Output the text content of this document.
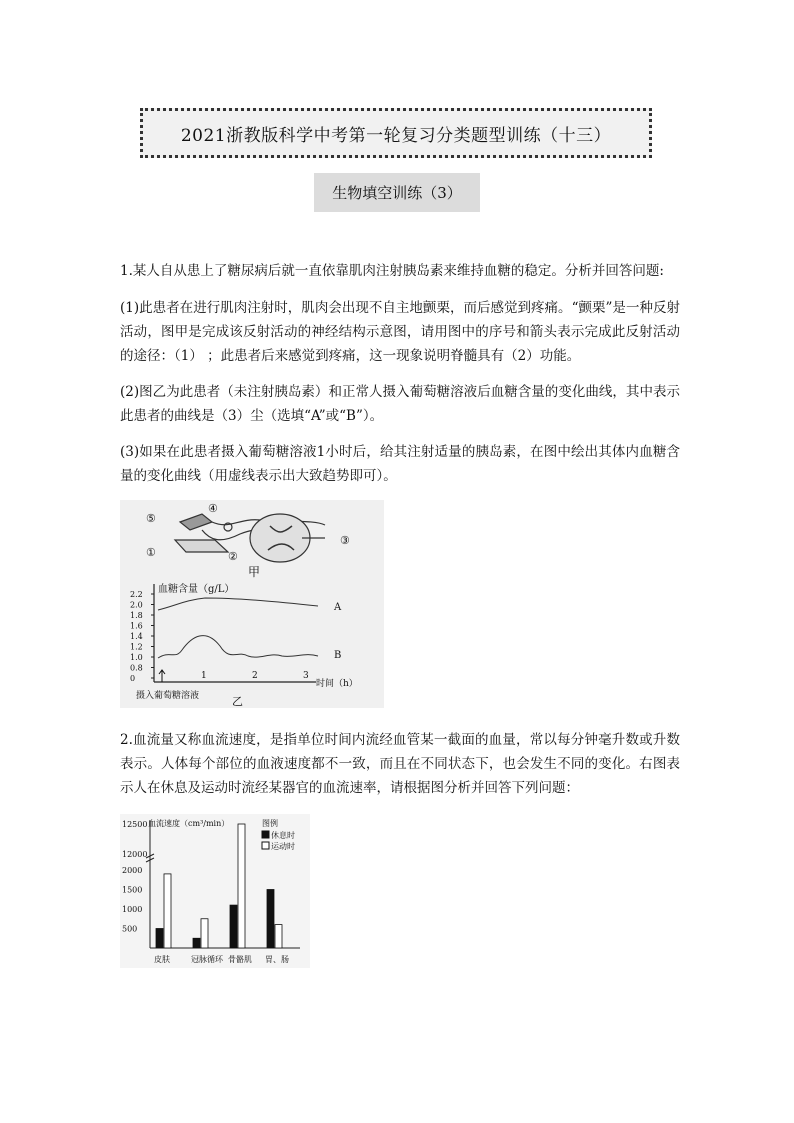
2021浙教版科学中考第一轮复习分类题型训练（十三）
生物填空训练（3）

1.某人自从患上了糖尿病后就一直依靠肌肉注射胰岛素来维持血糖的稳定。分析并回答问题:

(1)此患者在进行肌肉注射时，肌肉会出现不自主地颤栗，而后感觉到疼痛。“颤栗”是一种反射活动，图甲是完成该反射活动的神经结构示意图，请用图中的序号和箭头表示完成此反射活动的途径：（1） ；此患者后来感觉到疼痛，这一现象说明脊髓具有（2）功能。

(2)图乙为此患者（未注射胰岛素）和正常人摄入葡萄糖溶液后血糖含量的变化曲线，其中表示此患者的曲线是（3）尘（选填“A”或“B”）。

(3)如果在此患者摄入葡萄糖溶液1小时后，给其注射适量的胰岛素，在图中绘出其体内血糖含量的变化曲线（用虚线表示出大致趋势即可）。

⑤
④
①	②
③
甲
血糖含量（g/L）
2.2
2.0
1.8
1.6
1.4
1.2
1.0
0.8
0	1	2	3
A
B
时间（h）
摄入葡萄糖溶液	乙

2.血流量又称血流速度，是指单位时间内流经血管某一截面的血量，常以每分钟毫升数或升数表示。人体每个部位的血液速度都不一致，而且在不同状态下，也会发生不同的变化。右图表示人在休息及运动时流经某器官的血流速率，请根据图分析并回答下列问题：

血流速度（cm³/min）	图例
休息时
运动时
12500
12000
2000
1500
1000
500
皮肤	冠脉循环 骨骼肌 胃、肠
